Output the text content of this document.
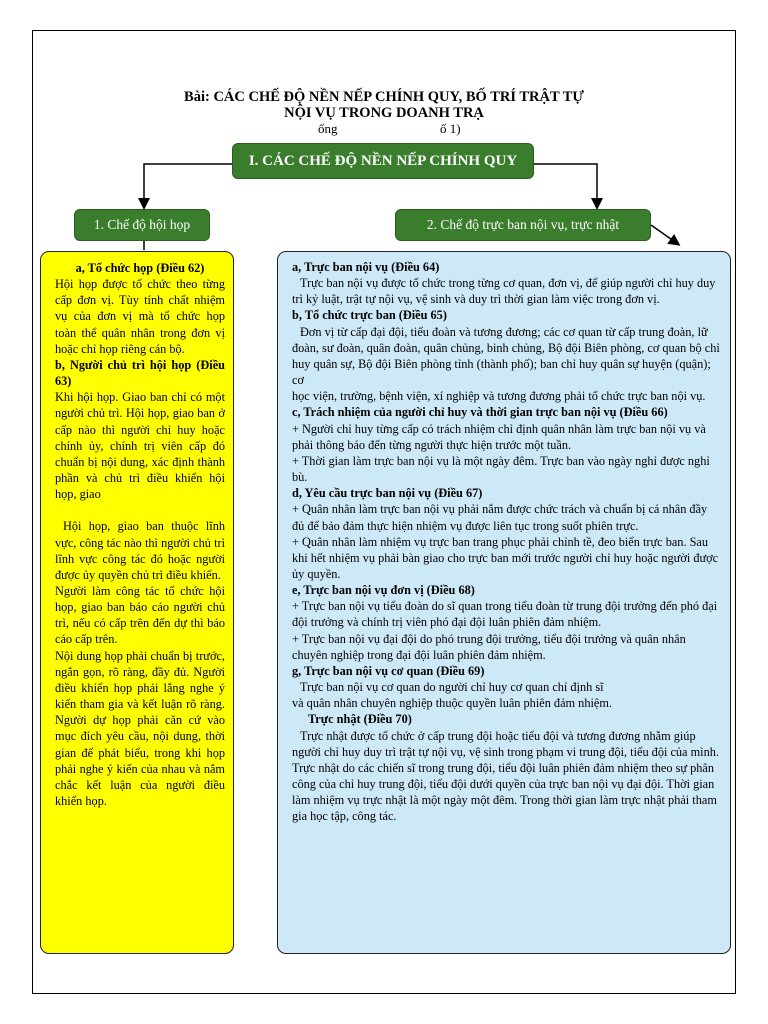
Bài: CÁC CHẾ ĐỘ NỀN NẾP CHÍNH QUY, BỐ TRÍ TRẬT TỰ
NỘI VỤ TRONG DOANH TRẠ
ống	ố 1)
I. CÁC CHẾ ĐỘ NỀN NẾP CHÍNH QUY
1. Chế độ hội họp	2. Chế độ trực ban nội vụ, trực nhật

a, Tổ chức họp (Điều 62)

Hội họp được tổ chức theo từng cấp đơn vị. Tùy tính chất nhiệm vụ của đơn vị mà tổ chức họp toàn thể quân nhân trong đơn vị hoặc chỉ họp riêng cán bộ.

b, Người chủ trì hội họp (Điều 63)

Khi hội họp. Giao ban chỉ có một người chủ trì. Hội họp, giao ban ở cấp nào thì người chỉ huy hoặc chính ủy, chính trị viên cấp đó chuẩn bị nội dung, xác định thành phần và chủ trì điều khiển hội họp, giao

Hội họp, giao ban thuộc lĩnh vực, công tác nào thì người chủ trì lĩnh vực công tác đó hoặc người được ủy quyền chủ trì điều khiển.

Người làm công tác tổ chức hội họp, giao ban báo cáo người chủ trì, nếu có cấp trên đến dự thì báo cáo cấp trên.

Nội dung họp phải chuẩn bị trước, ngắn gọn, rõ ràng, đầy đủ. Người điều khiển họp phải lắng nghe ý kiến tham gia và kết luận rõ ràng. Người dự họp phải căn cứ vào mục đích yêu cầu, nội dung, thời gian để phát biểu, trong khi họp phải nghe ý kiến của nhau và nắm chắc kết luận của người điều khiển họp.

a, Trực ban nội vụ (Điều 64)

Trực ban nội vụ được tổ chức trong từng cơ quan, đơn vị, để giúp người chỉ huy duy trì kỷ luật, trật tự nội vụ, vệ sinh và duy trì thời gian làm việc trong đơn vị.

b, Tổ chức trực ban (Điều 65)

Đơn vị từ cấp đại đội, tiểu đoàn và tương đương; các cơ quan từ cấp trung đoàn, lữ đoàn, sư đoàn, quân đoàn, quân chủng, binh chủng, Bộ đội Biên phòng, cơ quan bộ chỉ huy quân sự, Bộ đội Biên phòng tỉnh (thành phố); ban chỉ huy quân sự huyện (quận); cơ

học viện, trường, bệnh viện, xí nghiệp và tương đương phải tổ chức trực ban nội vụ.

c, Trách nhiệm của người chỉ huy và thời gian trực ban nội vụ (Điều 66)

+ Người chỉ huy từng cấp có trách nhiệm chỉ định quân nhân làm trực ban nội vụ và phải thông báo đến từng người thực hiện trước một tuần.

+ Thời gian làm trực ban nội vụ là một ngày đêm. Trực ban vào ngày nghỉ được nghỉ bù.

d, Yêu cầu trực ban nội vụ (Điều 67)

+ Quân nhân làm trực ban nội vụ phải nắm được chức trách và chuẩn bị cá nhân đầy đủ để bảo đảm thực hiện nhiệm vụ được liên tục trong suốt phiên trực.

+ Quân nhân làm nhiệm vụ trực ban trang phục phải chỉnh tề, đeo biển trực ban. Sau khi hết nhiệm vụ phải bàn giao cho trực ban mới trước người chỉ huy hoặc người được ủy quyền.

e, Trực ban nội vụ đơn vị (Điều 68)

+ Trực ban nội vụ tiểu đoàn do sĩ quan trong tiểu đoàn từ trung đội trưởng đến phó đại đội trưởng và chính trị viên phó đại đội luân phiên đảm nhiệm.

+ Trực ban nội vụ đại đội do phó trung đội trưởng, tiểu đội trưởng và quân nhân chuyên nghiệp trong đại đội luân phiên đảm nhiệm.

g, Trực ban nội vụ cơ quan (Điều 69)

Trực ban nội vụ cơ quan do người chỉ huy cơ quan chỉ định sĩ

và quân nhân chuyên nghiệp thuộc quyền luân phiên đảm nhiệm.

Trực nhật (Điều 70)

Trực nhật được tổ chức ở cấp trung đội hoặc tiểu đội và tương đương nhằm giúp người chỉ huy duy trì trật tự nội vụ, vệ sinh trong phạm vi trung đội, tiểu đội của mình. Trực nhật do các chiến sĩ trong trung đội, tiểu đội luân phiên đảm nhiệm theo sự phân công của chỉ huy trung đội, tiểu đội dưới quyền của trực ban nội vụ đại đội. Thời gian làm nhiệm vụ trực nhật là một ngày một đêm. Trong thời gian làm trực nhật phải tham gia học tập, công tác.
